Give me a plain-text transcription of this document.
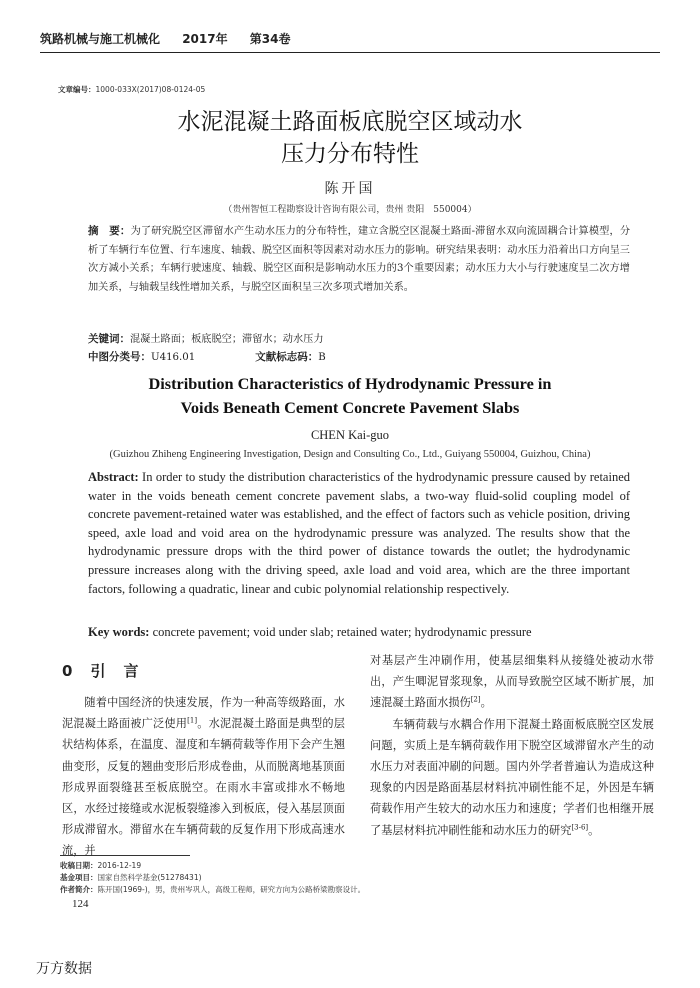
筑路机械与施工机械化 2017年 第34卷
文章编号：1000-033X(2017)08-0124-05
水泥混凝土路面板底脱空区域动水
压力分布特性
陈开国
（贵州智恒工程勘察设计咨询有限公司，贵州 贵阳　550004）
摘　要：为了研究脱空区滞留水产生动水压力的分布特性，建立含脱空区混凝土路面-滞留水双向流固耦合计算模型，分析了车辆行车位置、行车速度、轴载、脱空区面积等因素对动水压力的影响。研究结果表明：动水压力沿着出口方向呈三次方减小关系；车辆行驶速度、轴载、脱空区面积是影响动水压力的3个重要因素；动水压力大小与行驶速度呈二次方增加关系，与轴载呈线性增加关系，与脱空区面积呈三次多项式增加关系。
关键词：混凝土路面；板底脱空；滞留水；动水压力
中图分类号：U416.01	文献标志码：B
Distribution Characteristics of Hydrodynamic Pressure in
Voids Beneath Cement Concrete Pavement Slabs
CHEN Kai-guo
(Guizhou Zhiheng Engineering Investigation, Design and Consulting Co., Ltd., Guiyang 550004, Guizhou, China)
Abstract: In order to study the distribution characteristics of the hydrodynamic pressure caused by retained water in the voids beneath cement concrete pavement slabs, a two-way fluid-solid coupling model of concrete pavement-retained water was established, and the effect of factors such as vehicle position, driving speed, axle load and void area on the hydrodynamic pressure was analyzed. The results show that the hydrodynamic pressure drops with the third power of distance towards the outlet; the hydrodynamic pressure increases along with the driving speed, axle load and void area, which are the three important factors, following a quadratic, linear and cubic polynomial relationship respectively.
Key words: concrete pavement; void under slab; retained water; hydrodynamic pressure
0 引言

随着中国经济的快速发展，作为一种高等级路面，水泥混凝土路面被广泛使用[1]。水泥混凝土路面是典型的层状结构体系，在温度、湿度和车辆荷载等作用下会产生翘曲变形，反复的翘曲变形后形成卷曲，从而脱离地基顶面形成界面裂缝甚至板底脱空。在雨水丰富或排水不畅地区，水经过接缝或水泥板裂缝渗入到板底，侵入基层顶面形成滞留水。滞留水在车辆荷载的反复作用下形成高速水流，并

对基层产生冲刷作用，使基层细集料从接缝处被动水带出，产生唧泥冒浆现象，从而导致脱空区域不断扩展，加速混凝土路面水损伤[2]。

车辆荷载与水耦合作用下混凝土路面板底脱空区发展问题，实质上是车辆荷载作用下脱空区域滞留水产生的动水压力对表面冲刷的问题。国内外学者普遍认为造成这种现象的内因是路面基层材料抗冲刷性能不足，外因是车辆荷载作用产生较大的动水压力和速度；学者们也相继开展了基层材料抗冲刷性能和动水压力的研究[3-6]。

收稿日期：2016-12-19
基金项目：国家自然科学基金(51278431)
作者简介：陈开国(1969-)，男，贵州岑巩人，高级工程师，研究方向为公路桥梁勘察设计。
124
万方数据
